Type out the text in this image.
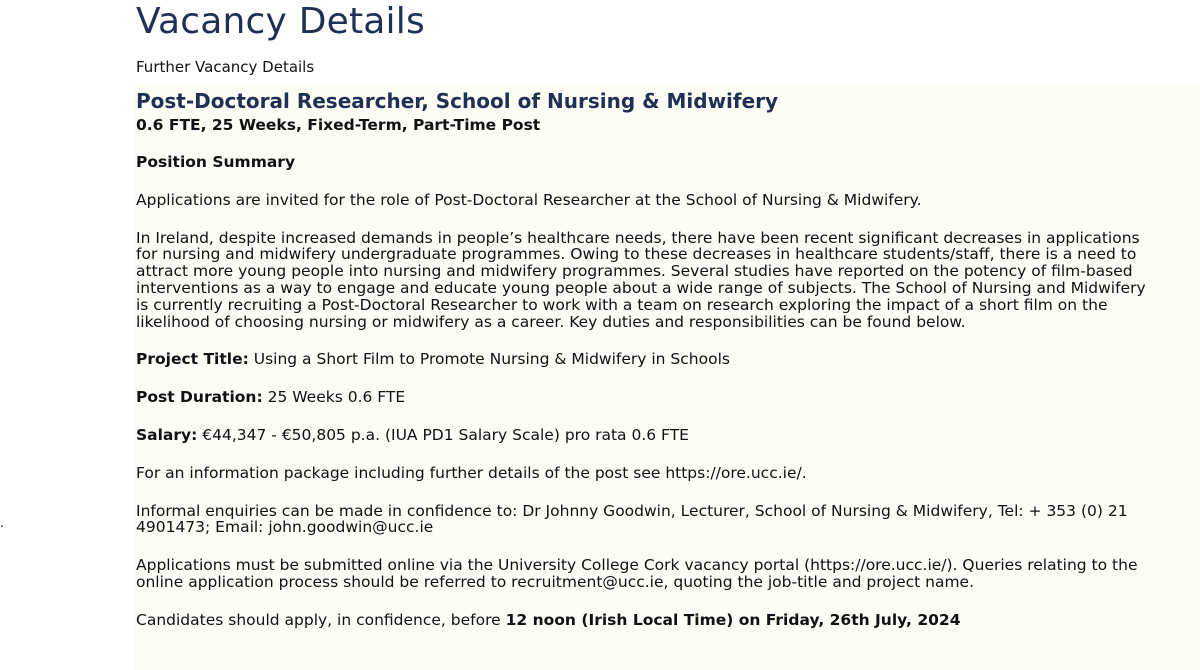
.
Vacancy Details
Further Vacancy Details
Post-Doctoral Researcher, School of Nursing & Midwifery
0.6 FTE, 25 Weeks, Fixed-Term, Part-Time Post

Position Summary

Applications are invited for the role of Post-Doctoral Researcher at the School of Nursing & Midwifery.

In Ireland, despite increased demands in people’s healthcare needs, there have been recent significant decreases in applications
for nursing and midwifery undergraduate programmes. Owing to these decreases in healthcare students/staff, there is a need to
attract more young people into nursing and midwifery programmes. Several studies have reported on the potency of film-based
interventions as a way to engage and educate young people about a wide range of subjects. The School of Nursing and Midwifery
is currently recruiting a Post-Doctoral Researcher to work with a team on research exploring the impact of a short film on the
likelihood of choosing nursing or midwifery as a career. Key duties and responsibilities can be found below.

Project Title: Using a Short Film to Promote Nursing & Midwifery in Schools

Post Duration: 25 Weeks 0.6 FTE

Salary: €44,347 - €50,805 p.a. (IUA PD1 Salary Scale) pro rata 0.6 FTE

For an information package including further details of the post see https://ore.ucc.ie/.

Informal enquiries can be made in confidence to: Dr Johnny Goodwin, Lecturer, School of Nursing & Midwifery, Tel: + 353 (0) 21
4901473; Email: john.goodwin@ucc.ie
Applications must be submitted online via the University College Cork vacancy portal (https://ore.ucc.ie/). Queries relating to the
online application process should be referred to recruitment@ucc.ie, quoting the job-title and project name.

Candidates should apply, in confidence, before 12 noon (Irish Local Time) on Friday, 26th July, 2024
